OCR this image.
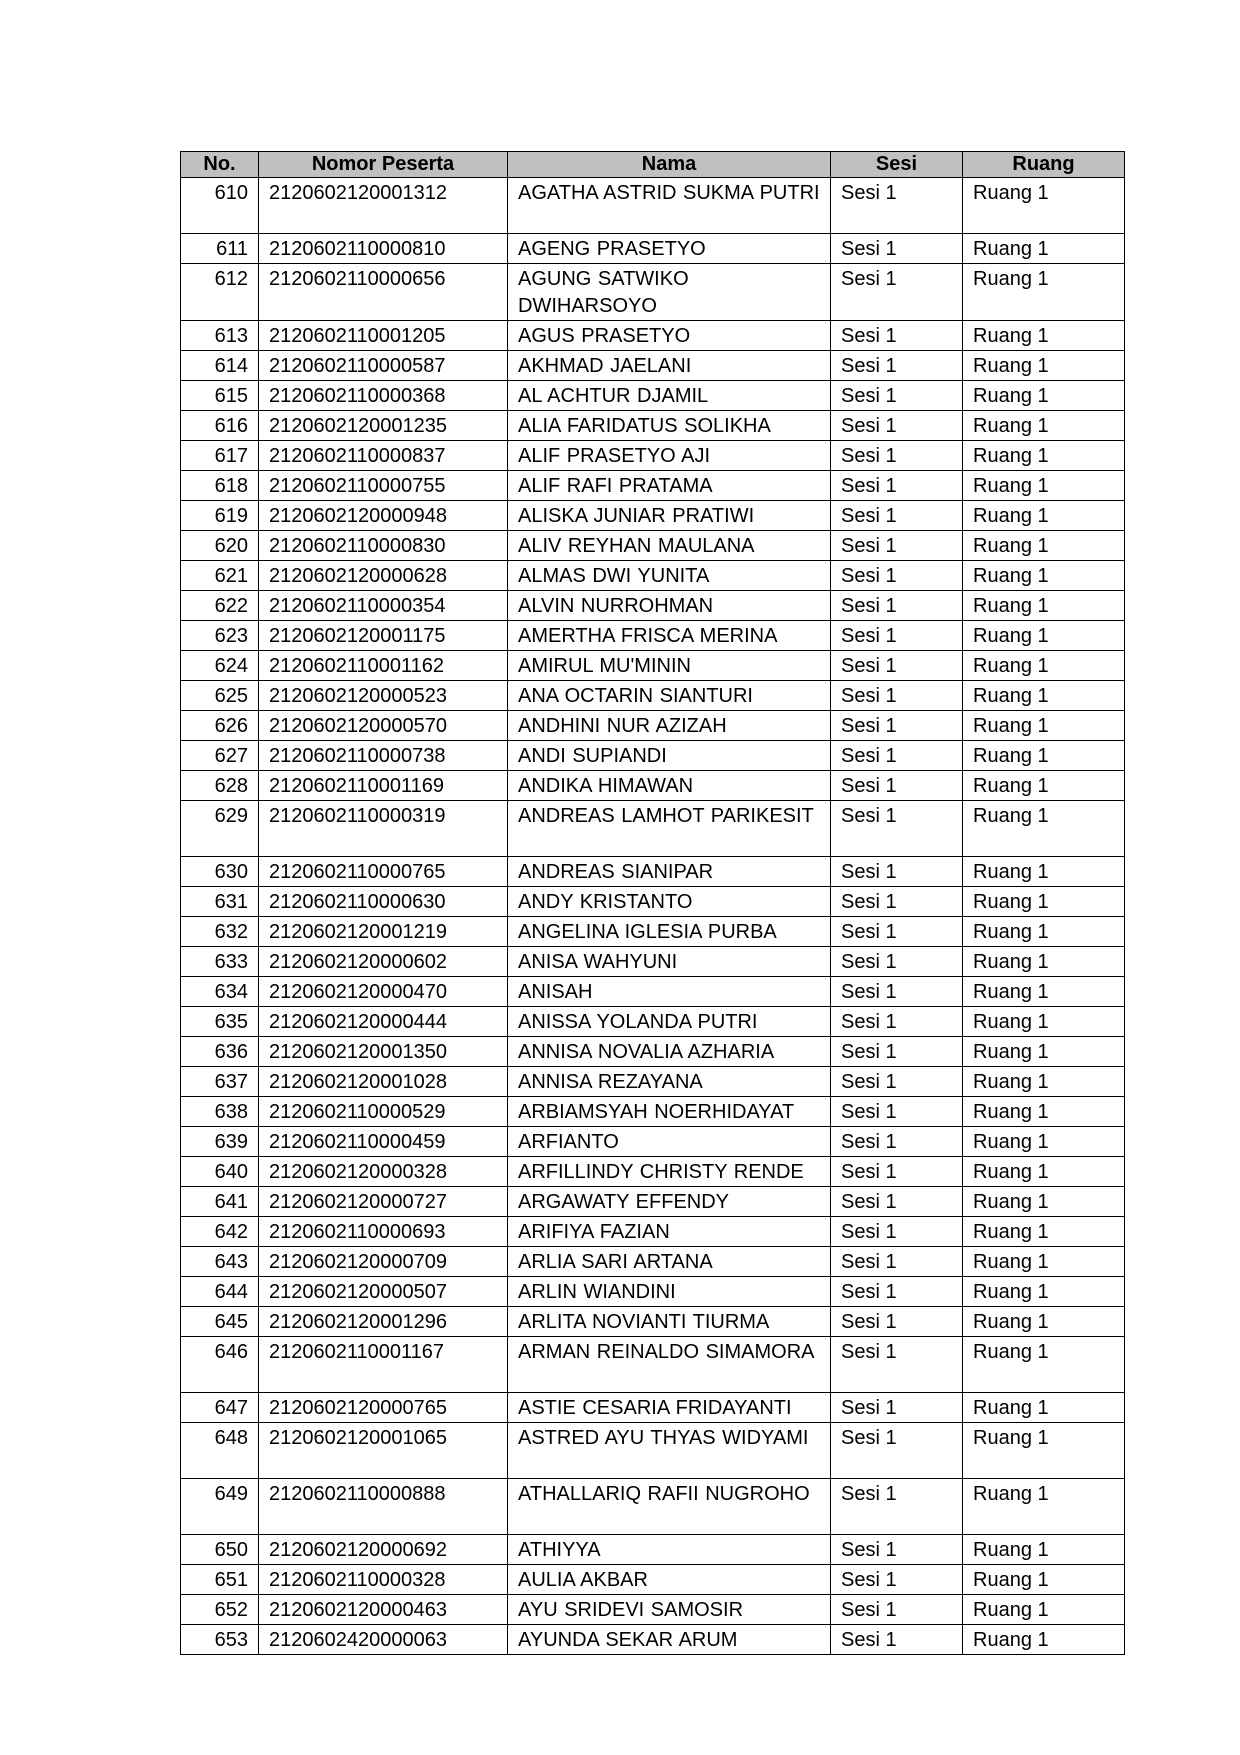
No.	Nomor Peserta	Nama	Sesi	Ruang
610	2120602120001312	AGATHA ASTRID SUKMA PUTRI	Sesi 1	Ruang 1
611	2120602110000810	AGENG PRASETYO	Sesi 1	Ruang 1
612	2120602110000656	AGUNG SATWIKO DWIHARSOYO	Sesi 1	Ruang 1
613	2120602110001205	AGUS PRASETYO	Sesi 1	Ruang 1
614	2120602110000587	AKHMAD JAELANI	Sesi 1	Ruang 1
615	2120602110000368	AL ACHTUR DJAMIL	Sesi 1	Ruang 1
616	2120602120001235	ALIA FARIDATUS SOLIKHA	Sesi 1	Ruang 1
617	2120602110000837	ALIF PRASETYO AJI	Sesi 1	Ruang 1
618	2120602110000755	ALIF RAFI PRATAMA	Sesi 1	Ruang 1
619	2120602120000948	ALISKA JUNIAR PRATIWI	Sesi 1	Ruang 1
620	2120602110000830	ALIV REYHAN MAULANA	Sesi 1	Ruang 1
621	2120602120000628	ALMAS DWI YUNITA	Sesi 1	Ruang 1
622	2120602110000354	ALVIN NURROHMAN	Sesi 1	Ruang 1
623	2120602120001175	AMERTHA FRISCA MERINA	Sesi 1	Ruang 1
624	2120602110001162	AMIRUL MU'MININ	Sesi 1	Ruang 1
625	2120602120000523	ANA OCTARIN SIANTURI	Sesi 1	Ruang 1
626	2120602120000570	ANDHINI NUR AZIZAH	Sesi 1	Ruang 1
627	2120602110000738	ANDI SUPIANDI	Sesi 1	Ruang 1
628	2120602110001169	ANDIKA HIMAWAN	Sesi 1	Ruang 1
629	2120602110000319	ANDREAS LAMHOT PARIKESIT	Sesi 1	Ruang 1
630	2120602110000765	ANDREAS SIANIPAR	Sesi 1	Ruang 1
631	2120602110000630	ANDY KRISTANTO	Sesi 1	Ruang 1
632	2120602120001219	ANGELINA IGLESIA PURBA	Sesi 1	Ruang 1
633	2120602120000602	ANISA WAHYUNI	Sesi 1	Ruang 1
634	2120602120000470	ANISAH	Sesi 1	Ruang 1
635	2120602120000444	ANISSA YOLANDA PUTRI	Sesi 1	Ruang 1
636	2120602120001350	ANNISA NOVALIA AZHARIA	Sesi 1	Ruang 1
637	2120602120001028	ANNISA REZAYANA	Sesi 1	Ruang 1
638	2120602110000529	ARBIAMSYAH NOERHIDAYAT	Sesi 1	Ruang 1
639	2120602110000459	ARFIANTO	Sesi 1	Ruang 1
640	2120602120000328	ARFILLINDY CHRISTY RENDE	Sesi 1	Ruang 1
641	2120602120000727	ARGAWATY EFFENDY	Sesi 1	Ruang 1
642	2120602110000693	ARIFIYA FAZIAN	Sesi 1	Ruang 1
643	2120602120000709	ARLIA SARI ARTANA	Sesi 1	Ruang 1
644	2120602120000507	ARLIN WIANDINI	Sesi 1	Ruang 1
645	2120602120001296	ARLITA NOVIANTI TIURMA	Sesi 1	Ruang 1
646	2120602110001167	ARMAN REINALDO SIMAMORA	Sesi 1	Ruang 1
647	2120602120000765	ASTIE CESARIA FRIDAYANTI	Sesi 1	Ruang 1
648	2120602120001065	ASTRED AYU THYAS WIDYAMI	Sesi 1	Ruang 1
649	2120602110000888	ATHALLARIQ RAFII NUGROHO	Sesi 1	Ruang 1
650	2120602120000692	ATHIYYA	Sesi 1	Ruang 1
651	2120602110000328	AULIA AKBAR	Sesi 1	Ruang 1
652	2120602120000463	AYU SRIDEVI SAMOSIR	Sesi 1	Ruang 1
653	2120602420000063	AYUNDA SEKAR ARUM	Sesi 1	Ruang 1
